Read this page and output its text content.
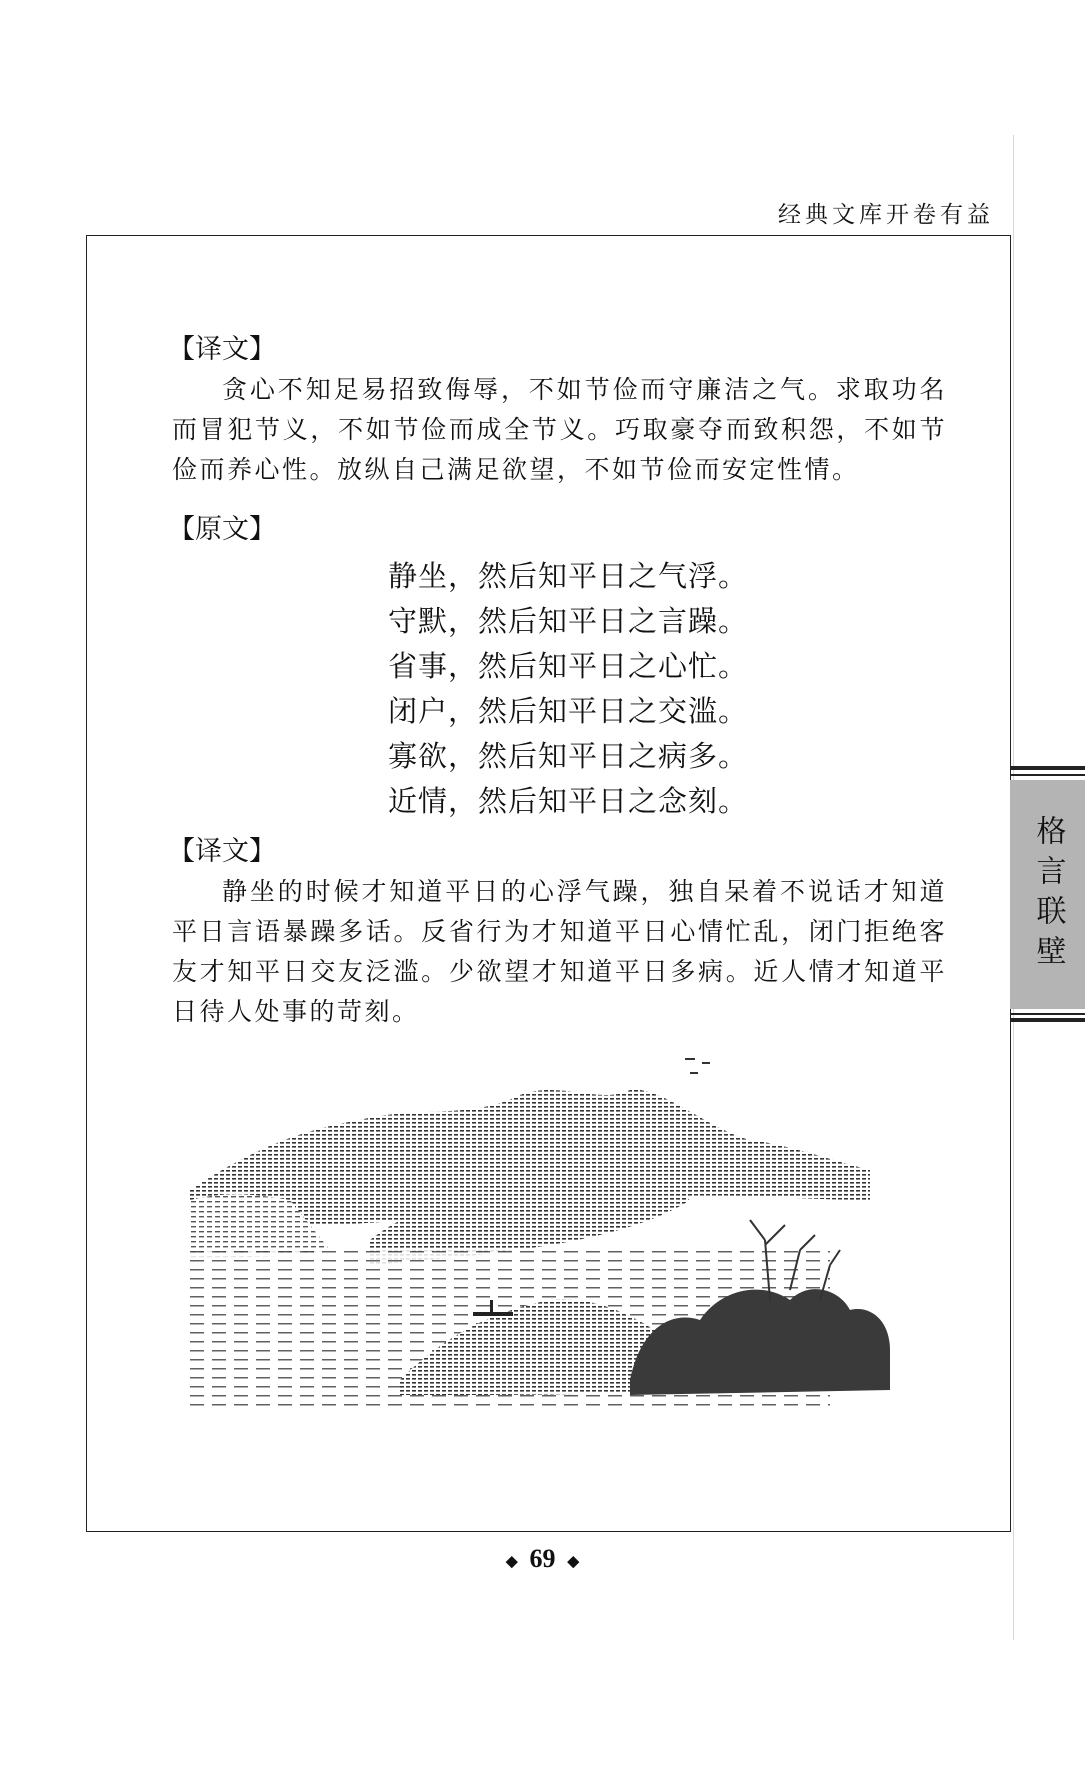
经典文库开卷有益
【译文】

贪心不知足易招致侮辱，不如节俭而守廉洁之气。求取功名而冒犯节义，不如节俭而成全节义。巧取豪夺而致积怨，不如节俭而养心性。放纵自己满足欲望，不如节俭而安定性情。

【原文】
静坐，然后知平日之气浮。
守默，然后知平日之言躁。
省事，然后知平日之心忙。
闭户，然后知平日之交滥。
寡欲，然后知平日之病多。
近情，然后知平日之念刻。
【译文】

静坐的时候才知道平日的心浮气躁，独自呆着不说话才知道平日言语暴躁多话。反省行为才知道平日心情忙乱，闭门拒绝客友才知平日交友泛滥。少欲望才知道平日多病。近人情才知道平日待人处事的苛刻。

格言联壁
◆ 69 ◆
